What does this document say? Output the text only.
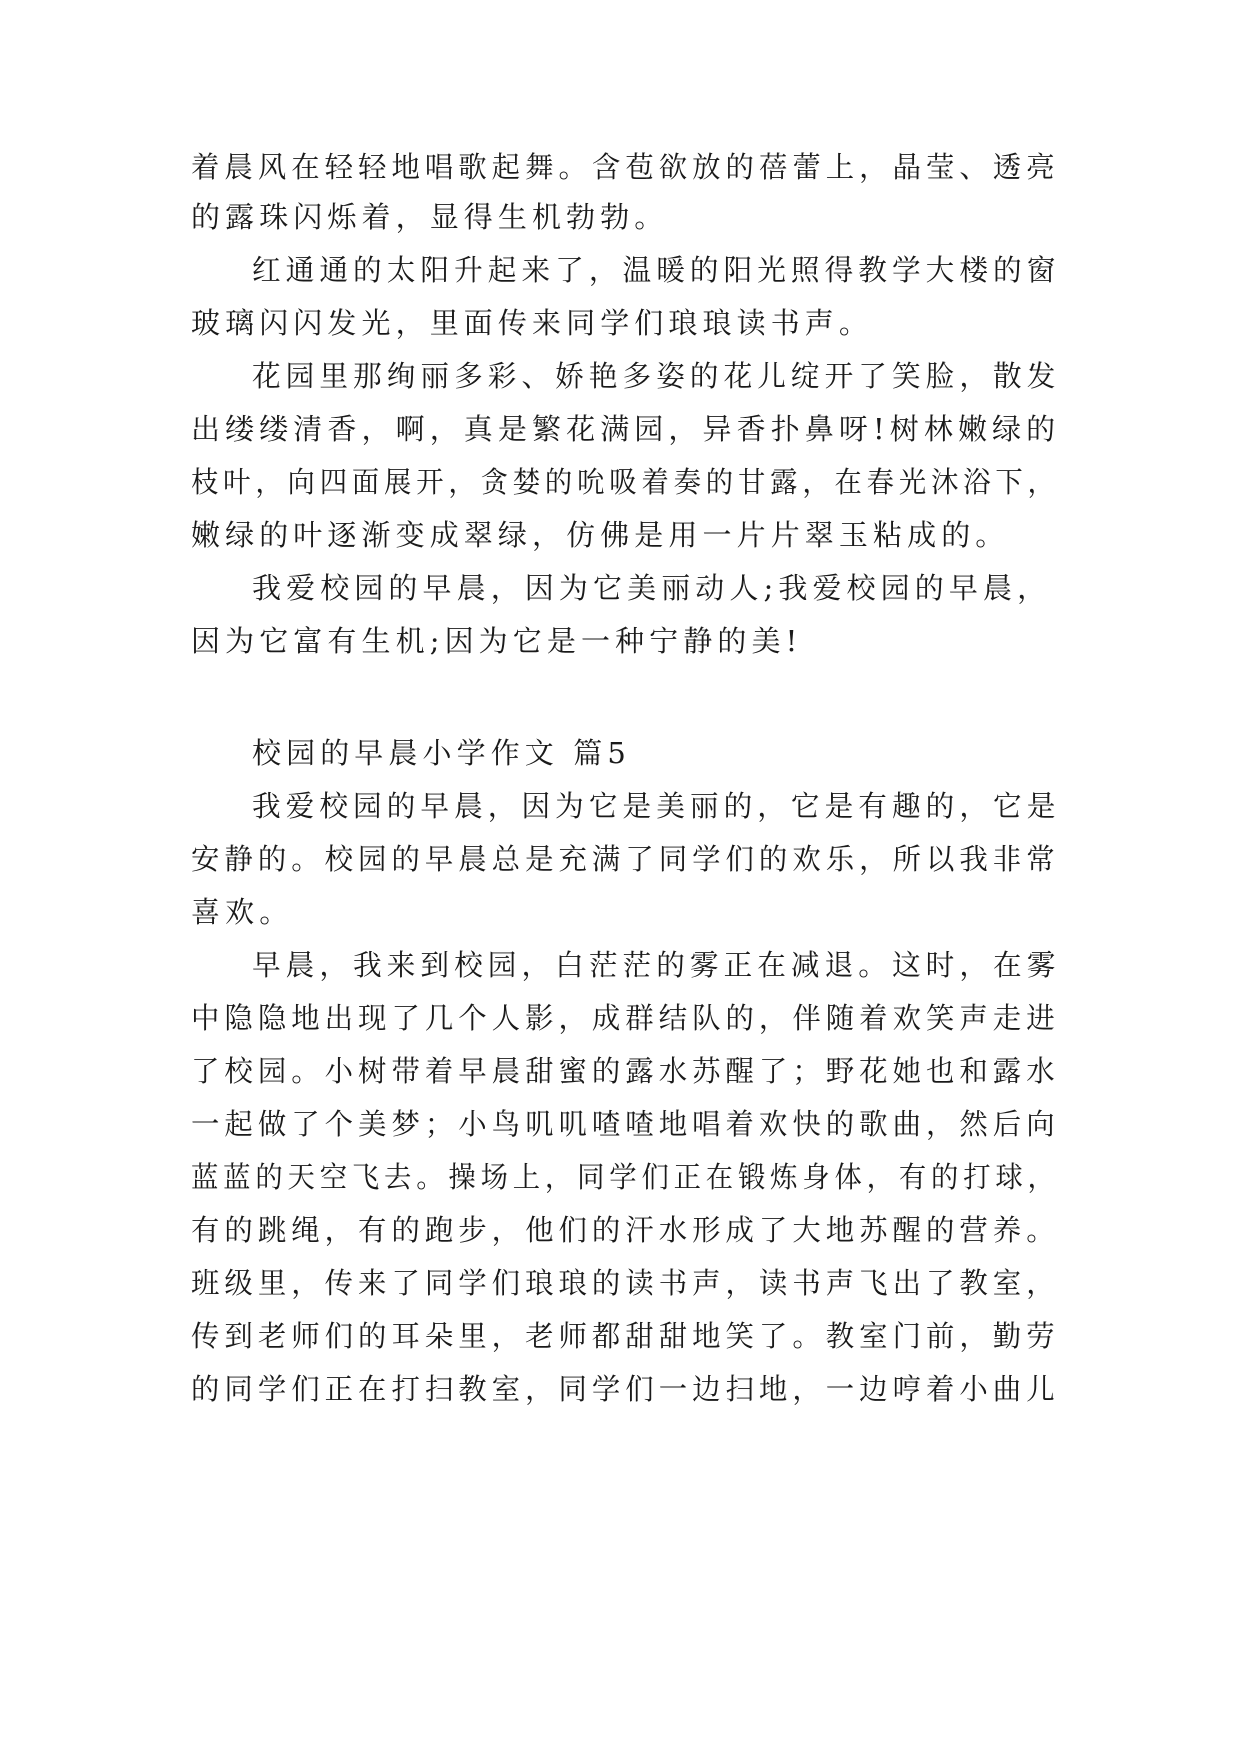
着晨风在轻轻地唱歌起舞。含苞欲放的蓓蕾上，晶莹、透亮
的露珠闪烁着，显得生机勃勃。
红通通的太阳升起来了，温暖的阳光照得教学大楼的窗
玻璃闪闪发光，里面传来同学们琅琅读书声。
花园里那绚丽多彩、娇艳多姿的花儿绽开了笑脸，散发
出缕缕清香，啊，真是繁花满园，异香扑鼻呀!树林嫩绿的
枝叶，向四面展开，贪婪的吮吸着奏的甘露，在春光沐浴下，
嫩绿的叶逐渐变成翠绿，仿佛是用一片片翠玉粘成的。
我爱校园的早晨，因为它美丽动人;我爱校园的早晨，
因为它富有生机;因为它是一种宁静的美!
校园的早晨小学作文 篇5
我爱校园的早晨，因为它是美丽的，它是有趣的，它是
安静的。校园的早晨总是充满了同学们的欢乐，所以我非常
喜欢。
早晨，我来到校园，白茫茫的雾正在减退。这时，在雾
中隐隐地出现了几个人影，成群结队的，伴随着欢笑声走进
了校园。小树带着早晨甜蜜的露水苏醒了；野花她也和露水
一起做了个美梦；小鸟叽叽喳喳地唱着欢快的歌曲，然后向
蓝蓝的天空飞去。操场上，同学们正在锻炼身体，有的打球，
有的跳绳，有的跑步，他们的汗水形成了大地苏醒的营养。
班级里，传来了同学们琅琅的读书声，读书声飞出了教室，
传到老师们的耳朵里，老师都甜甜地笑了。教室门前，勤劳
的同学们正在打扫教室，同学们一边扫地，一边哼着小曲儿
